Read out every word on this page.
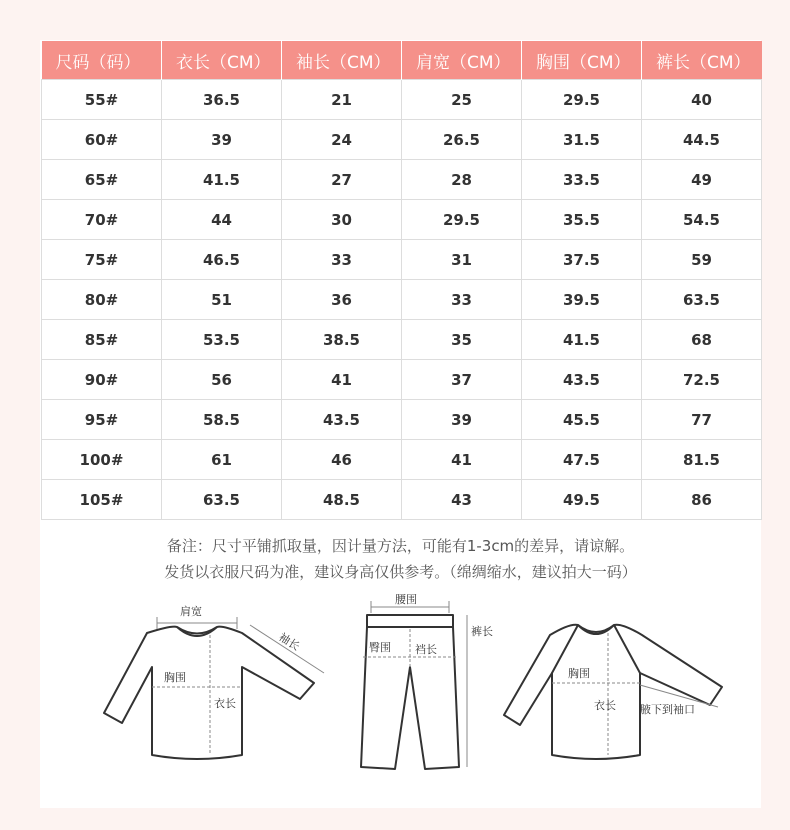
尺码（码）	衣长（CM）	袖长（CM）	肩宽（CM）	胸围（CM）	裤长（CM）
55#	36.5	21	25	29.5	40
60#	39	24	26.5	31.5	44.5
65#	41.5	27	28	33.5	49
70#	44	30	29.5	35.5	54.5
75#	46.5	33	31	37.5	59
80#	51	36	33	39.5	63.5
85#	53.5	38.5	35	41.5	68
90#	56	41	37	43.5	72.5
95#	58.5	43.5	39	45.5	77
100#	61	46	41	47.5	81.5
105#	63.5	48.5	43	49.5	86
备注：尺寸平铺抓取量，因计量方法，可能有1-3cm的差异，请谅解。
发货以衣服尺码为准，建议身高仅供参考。（绵绸缩水，建议拍大一码）
肩宽
袖长
胸围
衣长
腰围
臀围 裆长
裤长
胸围
衣长 腋下到袖口
